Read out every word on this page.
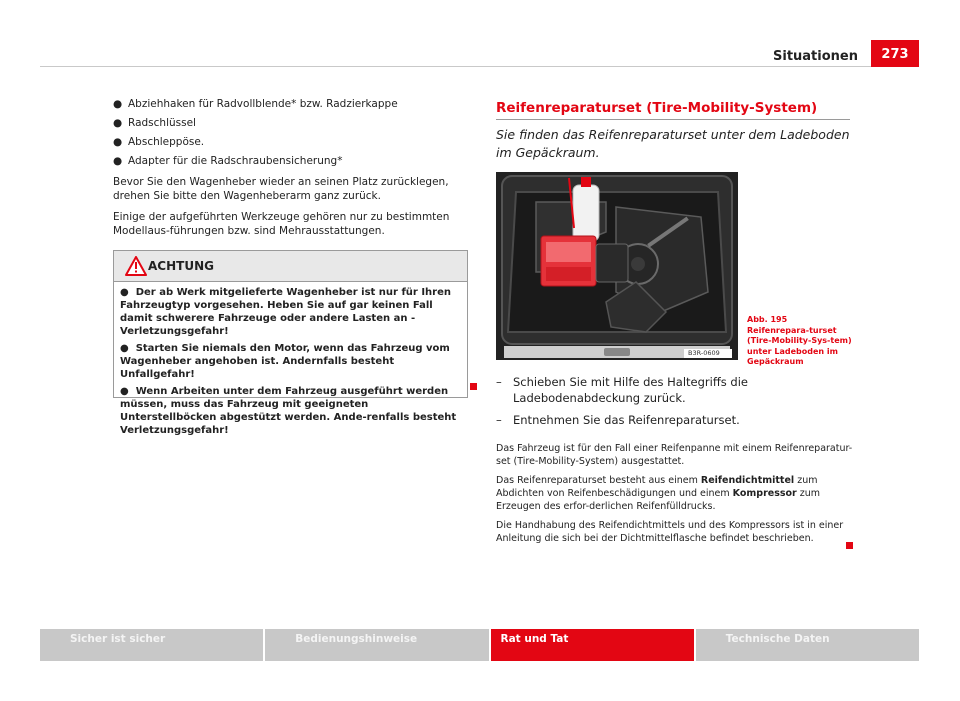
Situationen	273
● Abziehhaken für Radvollblende* bzw. Radzierkappe
● Radschlüssel
● Abschleppöse.
● Adapter für die Radschraubensicherung*

Bevor Sie den Wagenheber wieder an seinen Platz zurücklegen, drehen Sie bitte den Wagenheberarm ganz zurück.

Einige der aufgeführten Werkzeuge gehören nur zu bestimmten Modellaus-führungen bzw. sind Mehrausstattungen.

ACHTUNG

● Der ab Werk mitgelieferte Wagenheber ist nur für Ihren Fahrzeugtyp vorgesehen. Heben Sie auf gar keinen Fall damit schwerere Fahrzeuge oder andere Lasten an - Verletzungsgefahr!

● Starten Sie niemals den Motor, wenn das Fahrzeug vom Wagenheber angehoben ist. Andernfalls besteht Unfallgefahr!

● Wenn Arbeiten unter dem Fahrzeug ausgeführt werden müssen, muss das Fahrzeug mit geeigneten Unterstellböcken abgestützt werden. Ande-renfalls besteht Verletzungsgefahr!

Reifenreparaturset (Tire-Mobility-System)
Sie finden das Reifenreparaturset unter dem Ladeboden im Gepäckraum.
B3R-0609
Abb. 195 Reifenrepara-turset (Tire-Mobility-Sys-tem) unter Ladeboden im Gepäckraum
– Schieben Sie mit Hilfe des Haltegriffs die Ladebodenabdeckung zurück.
– Entnehmen Sie das Reifenreparaturset.

Das Fahrzeug ist für den Fall einer Reifenpanne mit einem Reifenreparatur-set (Tire-Mobility-System) ausgestattet.

Das Reifenreparaturset besteht aus einem Reifendichtmittel zum Abdichten von Reifenbeschädigungen und einem Kompressor zum Erzeugen des erfor-derlichen Reifenfülldrucks.

Die Handhabung des Reifendichtmittels und des Kompressors ist in einer Anleitung die sich bei der Dichtmittelflasche befindet beschrieben.

Sicher ist sicher	Bedienungshinweise	Rat und Tat	Technische Daten
